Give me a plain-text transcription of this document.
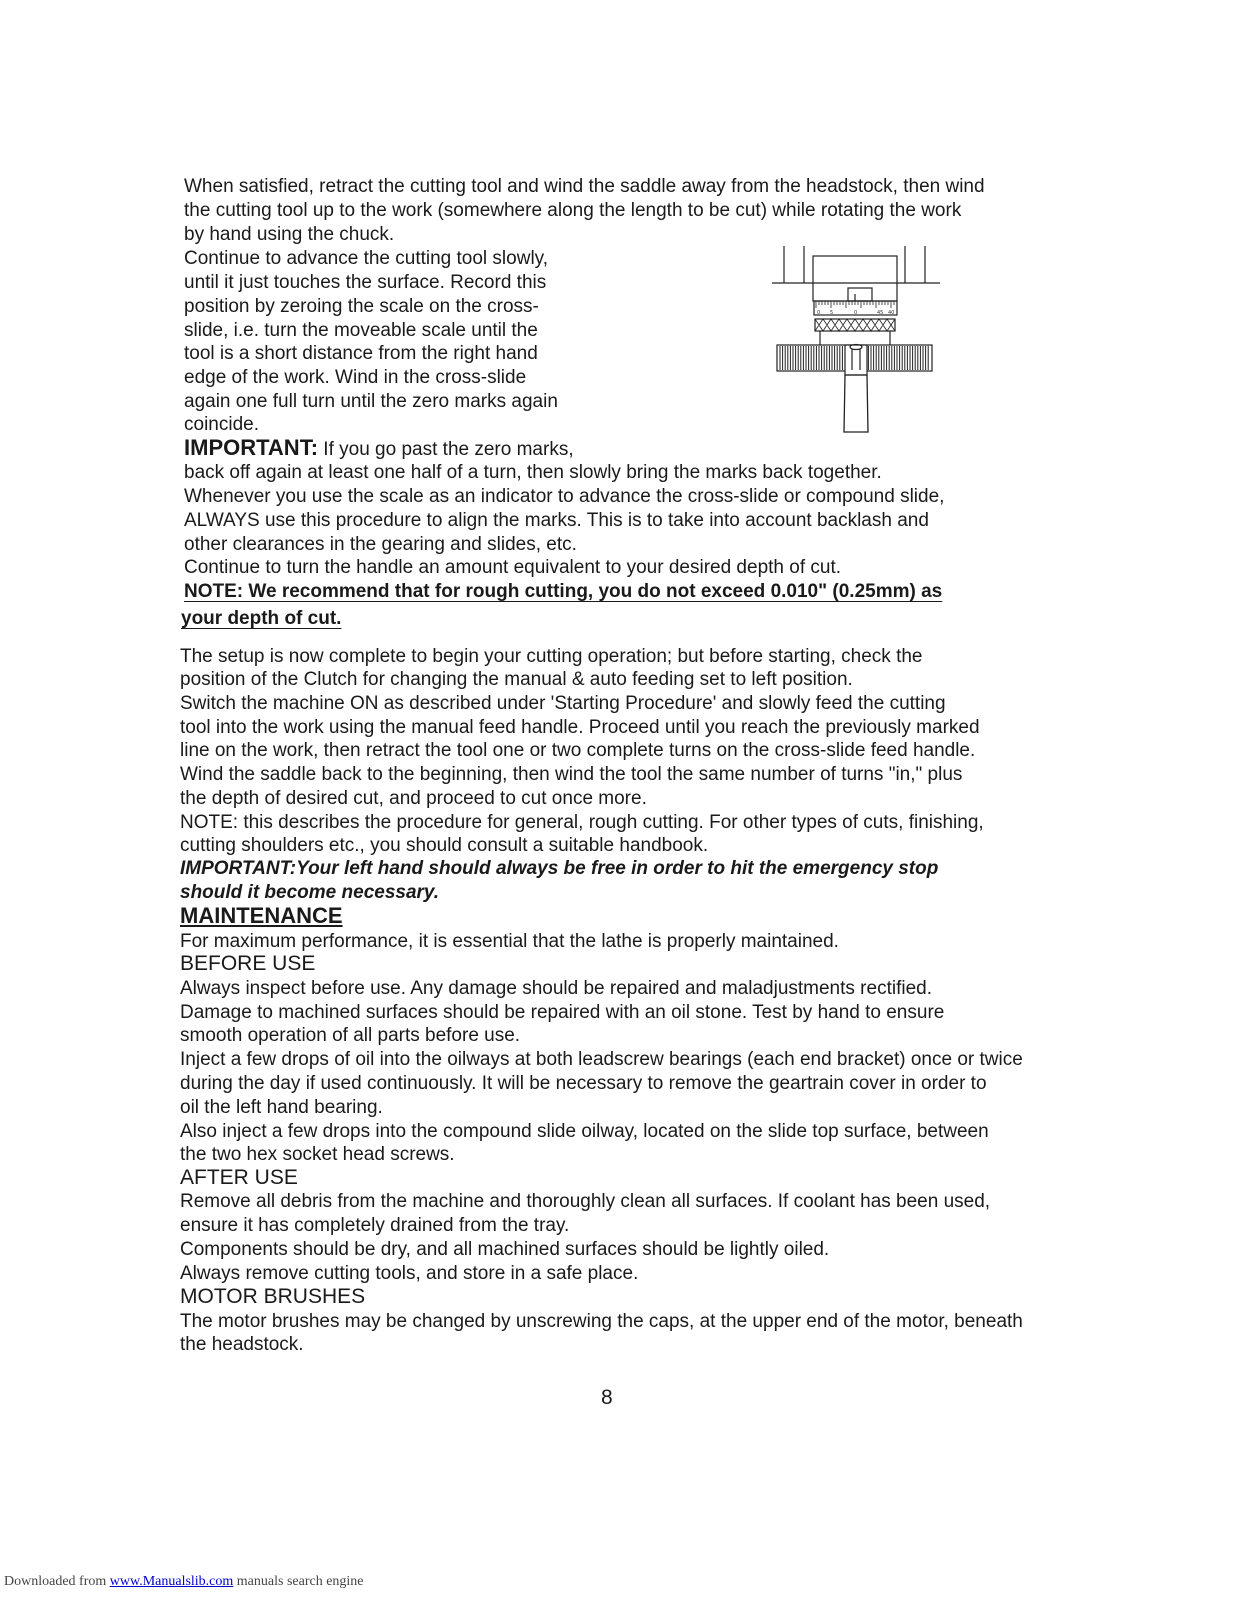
When satisfied, retract the cutting tool and wind the saddle away from the headstock, then wind

the cutting tool up to the work (somewhere along the length to be cut) while rotating the work

by hand using the chuck.

Continue to advance the cutting tool slowly,

until it just touches the surface. Record this

position by zeroing the scale on the cross-

slide, i.e. turn the moveable scale until the

tool is a short distance from the right hand

edge of the work. Wind in the cross-slide

again one full turn until the zero marks again

coincide.

IMPORTANT: If you go past the zero marks,

back off again at least one half of a turn, then slowly bring the marks back together.

Whenever you use the scale as an indicator to advance the cross-slide or compound slide,

ALWAYS use this procedure to align the marks. This is to take into account backlash and

other clearances in the gearing and slides, etc.

Continue to turn the handle an amount equivalent to your desired depth of cut.

NOTE: We recommend that for rough cutting, you do not exceed 0.010" (0.25mm) as

your depth of cut.

The setup is now complete to begin your cutting operation; but before starting, check the

position of the Clutch for changing the manual & auto feeding set to left position.

Switch the machine ON as described under 'Starting Procedure' and slowly feed the cutting

tool into the work using the manual feed handle. Proceed until you reach the previously marked

line on the work, then retract the tool one or two complete turns on the cross-slide feed handle.

Wind the saddle back to the beginning, then wind the tool the same number of turns "in," plus

the depth of desired cut, and proceed to cut once more.

NOTE: this describes the procedure for general, rough cutting. For other types of cuts, finishing,

cutting shoulders etc., you should consult a suitable handbook.

IMPORTANT:Your left hand should always be free in order to hit the emergency stop

should it become necessary.

MAINTENANCE

For maximum performance, it is essential that the lathe is properly maintained.

BEFORE USE

Always inspect before use. Any damage should be repaired and maladjustments rectified.

Damage to machined surfaces should be repaired with an oil stone. Test by hand to ensure

smooth operation of all parts before use.

Inject a few drops of oil into the oilways at both leadscrew bearings (each end bracket) once or twice

during the day if used continuously. It will be necessary to remove the geartrain cover in order to

oil the left hand bearing.

Also inject a few drops into the compound slide oilway, located on the slide top surface, between

the two hex socket head screws.

AFTER USE

Remove all debris from the machine and thoroughly clean all surfaces. If coolant has been used,

ensure it has completely drained from the tray.

Components should be dry, and all machined surfaces should be lightly oiled.

Always remove cutting tools, and store in a safe place.

MOTOR BRUSHES

The motor brushes may be changed by unscrewing the caps, at the upper end of the motor, beneath

the headstock.

8
Downloaded from www.Manualslib.com manuals search engine
0 5	0	45 40
